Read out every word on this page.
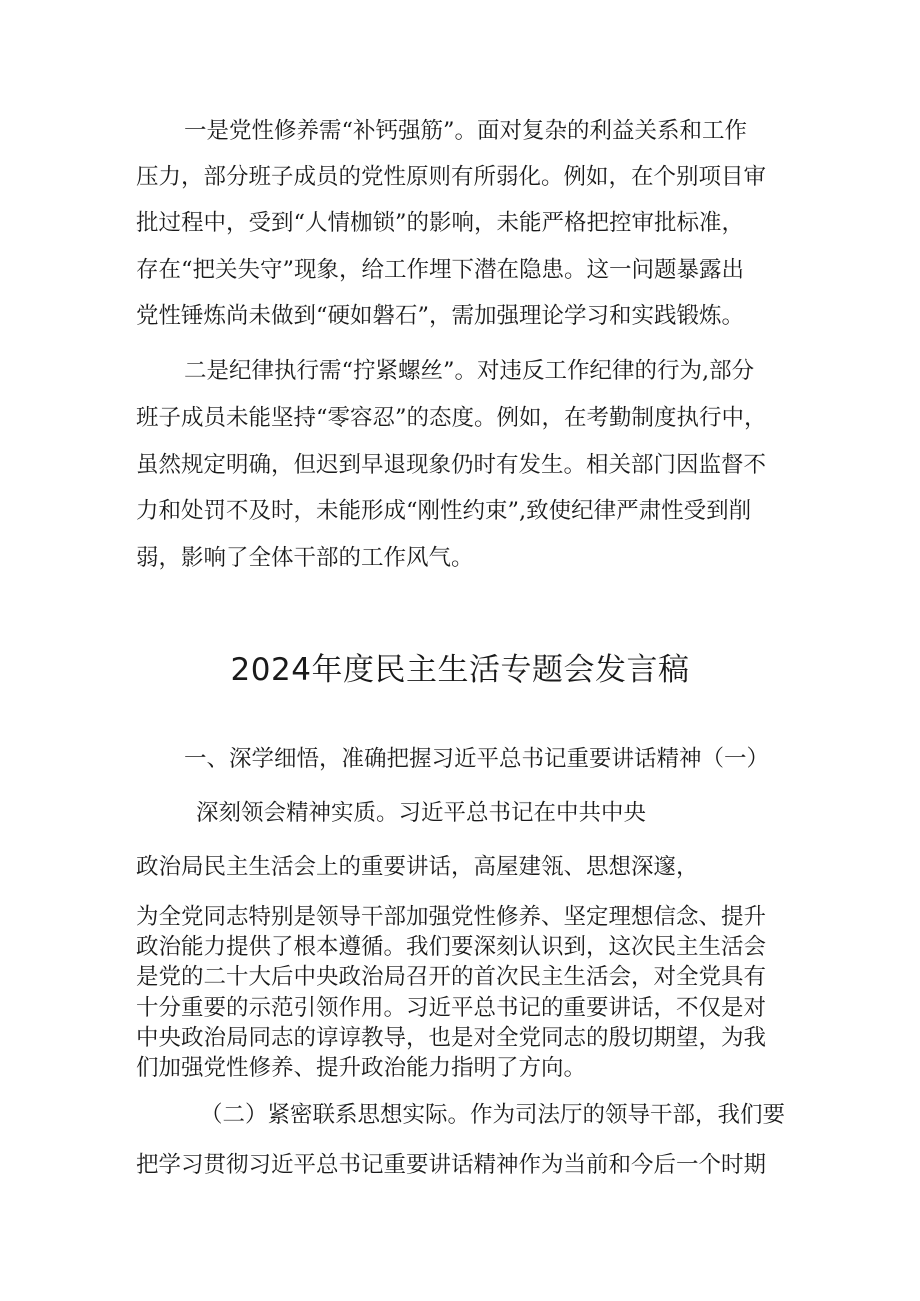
一是党性修养需“补钙强筋”。面对复杂的利益关系和工作
压力，部分班子成员的党性原则有所弱化。例如，在个别项目审
批过程中，受到“人情枷锁”的影响，未能严格把控审批标准，
存在“把关失守”现象，给工作埋下潜在隐患。这一问题暴露出
党性锤炼尚未做到“硬如磐石”，需加强理论学习和实践锻炼。
二是纪律执行需“拧紧螺丝”。对违反工作纪律的行为,部分
班子成员未能坚持“零容忍”的态度。例如，在考勤制度执行中，
虽然规定明确，但迟到早退现象仍时有发生。相关部门因监督不
力和处罚不及时，未能形成“刚性约束”,致使纪律严肃性受到削
弱，影响了全体干部的工作风气。
2024年度民主生活专题会发言稿
一、深学细悟，准确把握习近平总书记重要讲话精神（一）
深刻领会精神实质。习近平总书记在中共中央
政治局民主生活会上的重要讲话，高屋建瓴、思想深邃，
为全党同志特别是领导干部加强党性修养、坚定理想信念、提升
政治能力提供了根本遵循。我们要深刻认识到，这次民主生活会
是党的二十大后中央政治局召开的首次民主生活会，对全党具有
十分重要的示范引领作用。习近平总书记的重要讲话，不仅是对
中央政治局同志的谆谆教导，也是对全党同志的殷切期望，为我
们加强党性修养、提升政治能力指明了方向。
（二）紧密联系思想实际。作为司法厅的领导干部，我们要
把学习贯彻习近平总书记重要讲话精神作为当前和今后一个时期
